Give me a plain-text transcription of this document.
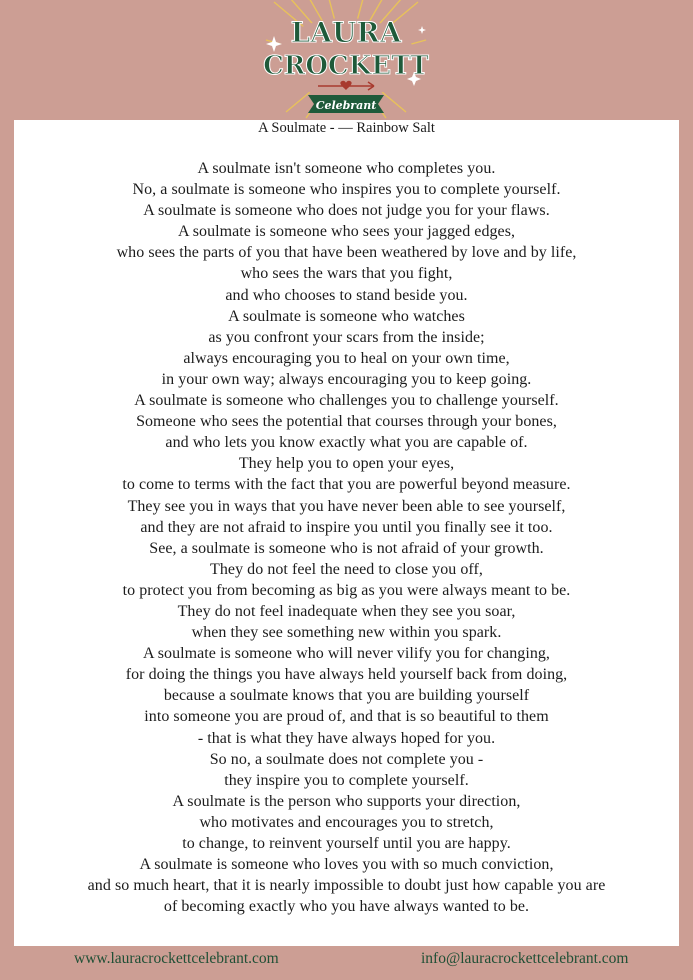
LAURA
CROCKETT
Celebrant
A Soulmate - — Rainbow Salt
A soulmate isn't someone who completes you.
No, a soulmate is someone who inspires you to complete yourself.
A soulmate is someone who does not judge you for your flaws.
A soulmate is someone who sees your jagged edges,
who sees the parts of you that have been weathered by love and by life,
who sees the wars that you fight,
and who chooses to stand beside you.
A soulmate is someone who watches
as you confront your scars from the inside;
always encouraging you to heal on your own time,
in your own way; always encouraging you to keep going.
A soulmate is someone who challenges you to challenge yourself.
Someone who sees the potential that courses through your bones,
and who lets you know exactly what you are capable of.
They help you to open your eyes,
to come to terms with the fact that you are powerful beyond measure.
They see you in ways that you have never been able to see yourself,
and they are not afraid to inspire you until you finally see it too.
See, a soulmate is someone who is not afraid of your growth.
They do not feel the need to close you off,
to protect you from becoming as big as you were always meant to be.
They do not feel inadequate when they see you soar,
when they see something new within you spark.
A soulmate is someone who will never vilify you for changing,
for doing the things you have always held yourself back from doing,
because a soulmate knows that you are building yourself
into someone you are proud of, and that is so beautiful to them
- that is what they have always hoped for you.
So no, a soulmate does not complete you -
they inspire you to complete yourself.
A soulmate is the person who supports your direction,
who motivates and encourages you to stretch,
to change, to reinvent yourself until you are happy.
A soulmate is someone who loves you with so much conviction,
and so much heart, that it is nearly impossible to doubt just how capable you are
of becoming exactly who you have always wanted to be.
www.lauracrockettcelebrant.com	info@lauracrockettcelebrant.com
